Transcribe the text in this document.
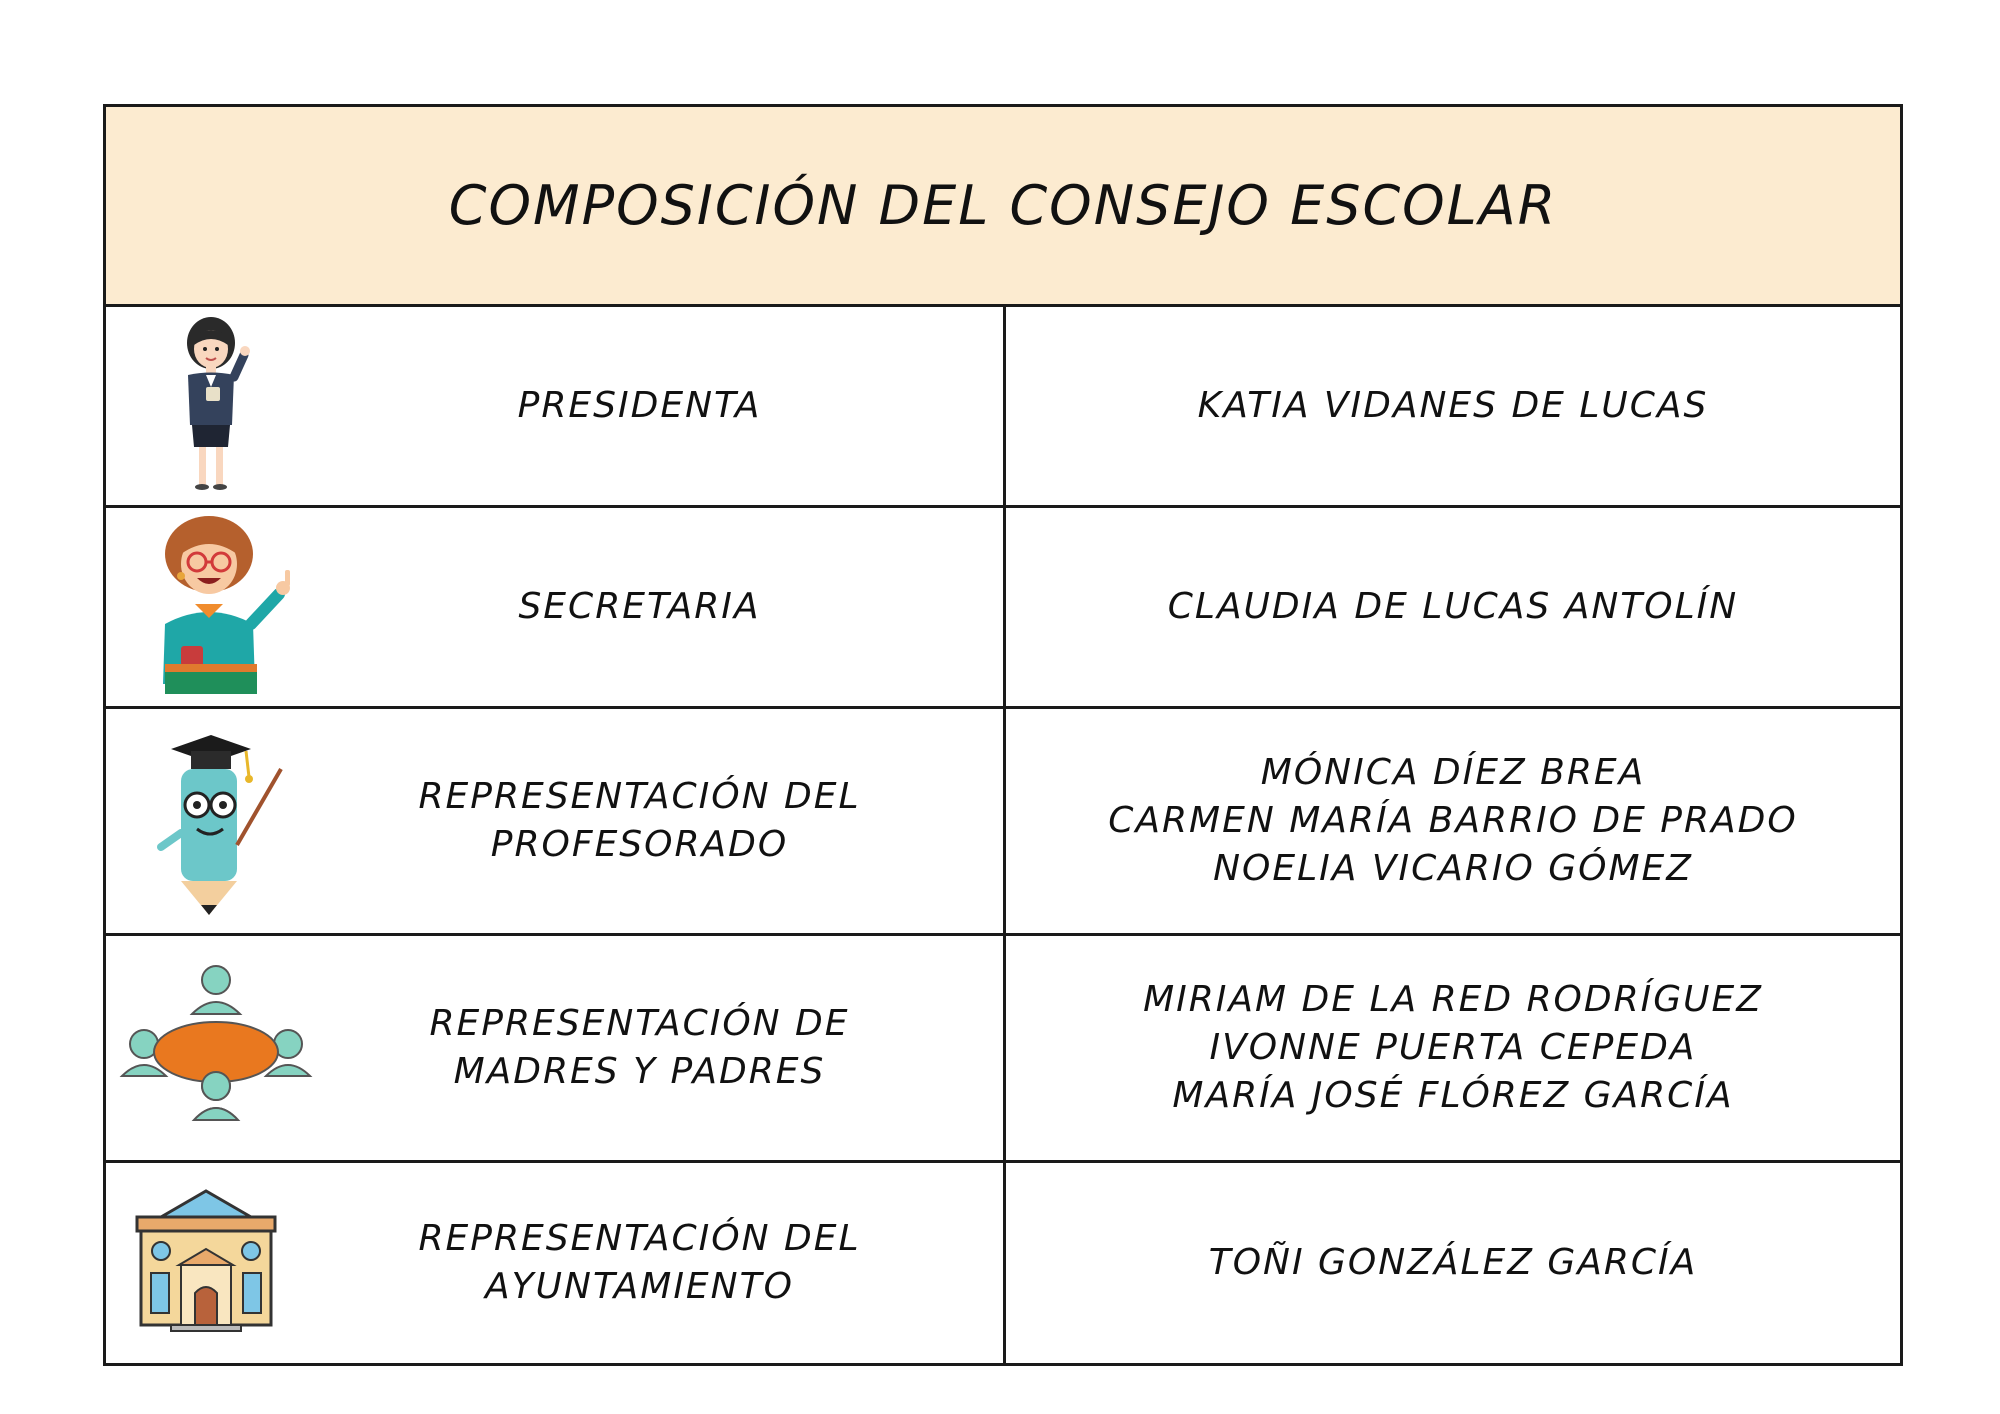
COMPOSICIÓN DEL CONSEJO ESCOLAR
PRESIDENTA	KATIA VIDANES DE LUCAS
SECRETARIA	CLAUDIA DE LUCAS ANTOLÍN
REPRESENTACIÓN DEL
PROFESORADO
MÓNICA DÍEZ BREA
CARMEN MARÍA BARRIO DE PRADO
NOELIA VICARIO GÓMEZ
REPRESENTACIÓN DE
MADRES Y PADRES
MIRIAM DE LA RED RODRÍGUEZ
IVONNE PUERTA CEPEDA
MARÍA JOSÉ FLÓREZ GARCÍA
REPRESENTACIÓN DEL
AYUNTAMIENTO
TOÑI GONZÁLEZ GARCÍA
